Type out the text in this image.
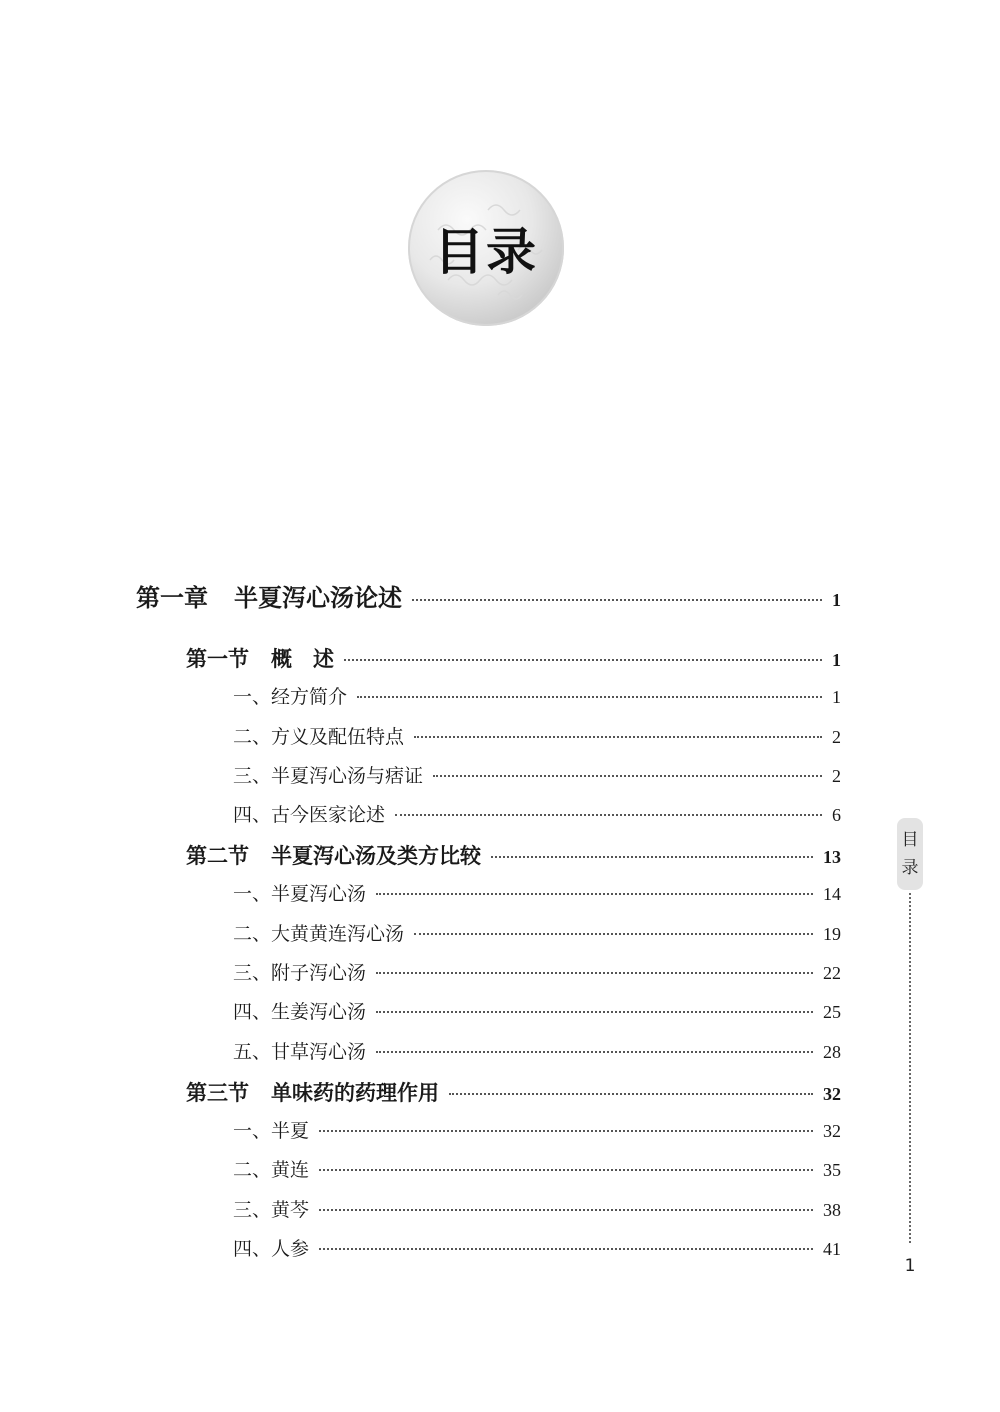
目录
第一章 半夏泻心汤论述	1
第一节 概　述	1
一、经方简介	1
二、方义及配伍特点	2
三、半夏泻心汤与痞证	2
四、古今医家论述	6
第二节 半夏泻心汤及类方比较	13
一、半夏泻心汤	14
二、大黄黄连泻心汤	19
三、附子泻心汤	22
四、生姜泻心汤	25
五、甘草泻心汤	28
第三节 单味药的药理作用	32
一、半夏	32
二、黄连	35
三、黄芩	38
四、人参	41
目
录
1
